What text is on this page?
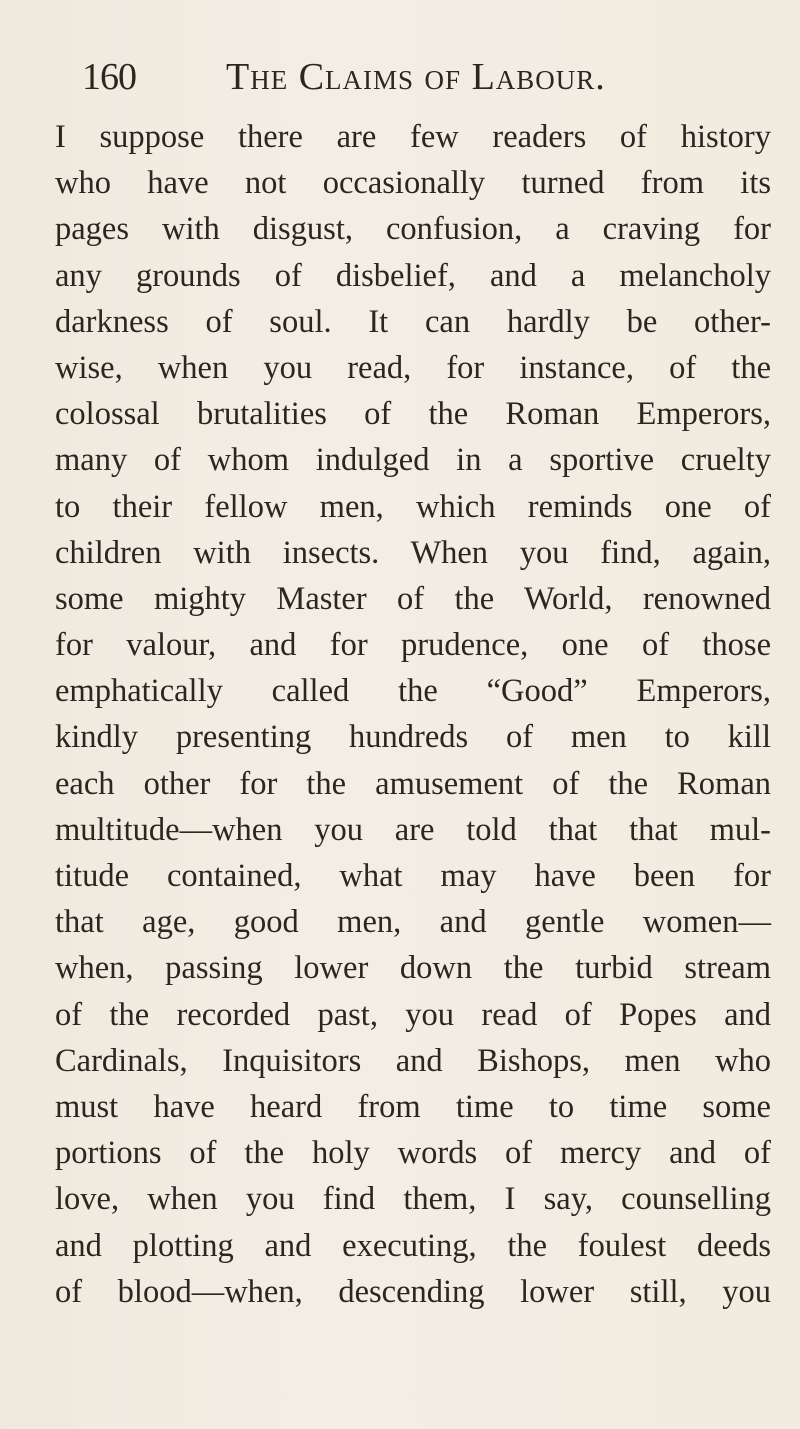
160 The Claims of Labour.
I suppose there are few readers of history
who have not occasionally turned from its
pages with disgust, confusion, a craving for
any grounds of disbelief, and a melancholy
darkness of soul. It can hardly be other-
wise, when you read, for instance, of the
colossal brutalities of the Roman Emperors,
many of whom indulged in a sportive cruelty
to their fellow men, which reminds one of
children with insects. When you find, again,
some mighty Master of the World, renowned
for valour, and for prudence, one of those
emphatically called the “Good” Emperors,
kindly presenting hundreds of men to kill
each other for the amusement of the Roman
multitude—when you are told that that mul-
titude contained, what may have been for
that age, good men, and gentle women—
when, passing lower down the turbid stream
of the recorded past, you read of Popes and
Cardinals, Inquisitors and Bishops, men who
must have heard from time to time some
portions of the holy words of mercy and of
love, when you find them, I say, counselling
and plotting and executing, the foulest deeds
of blood—when, descending lower still, you
